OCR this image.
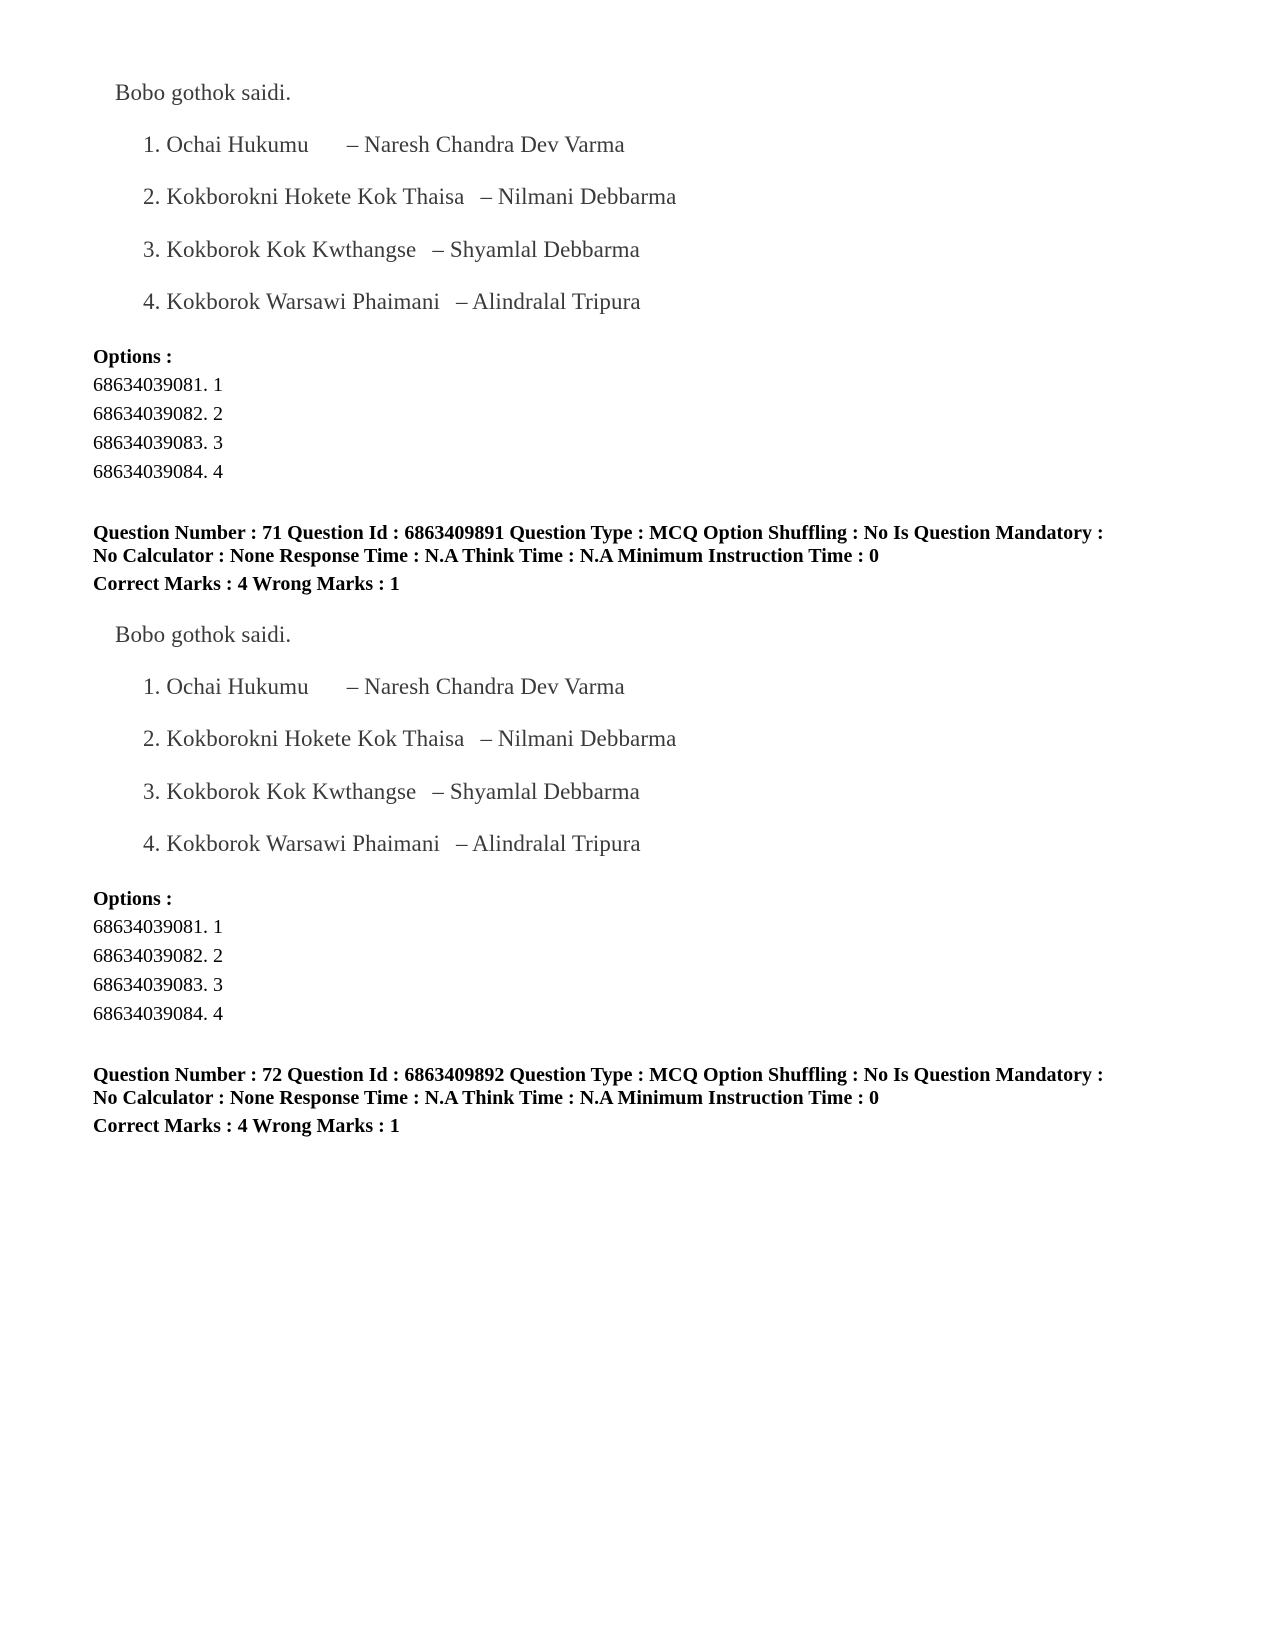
Bobo gothok saidi.
1. Ochai Hukumu – Naresh Chandra Dev Varma
2. Kokborokni Hokete Kok Thaisa – Nilmani Debbarma
3. Kokborok Kok Kwthangse – Shyamlal Debbarma
4. Kokborok Warsawi Phaimani – Alindralal Tripura
Options :
68634039081. 1
68634039082. 2
68634039083. 3
68634039084. 4
Question Number : 71 Question Id : 6863409891 Question Type : MCQ Option Shuffling : No Is Question Mandatory :
No Calculator : None Response Time : N.A Think Time : N.A Minimum Instruction Time : 0
Correct Marks : 4 Wrong Marks : 1
Bobo gothok saidi.
1. Ochai Hukumu – Naresh Chandra Dev Varma
2. Kokborokni Hokete Kok Thaisa – Nilmani Debbarma
3. Kokborok Kok Kwthangse – Shyamlal Debbarma
4. Kokborok Warsawi Phaimani – Alindralal Tripura
Options :
68634039081. 1
68634039082. 2
68634039083. 3
68634039084. 4
Question Number : 72 Question Id : 6863409892 Question Type : MCQ Option Shuffling : No Is Question Mandatory :
No Calculator : None Response Time : N.A Think Time : N.A Minimum Instruction Time : 0
Correct Marks : 4 Wrong Marks : 1
